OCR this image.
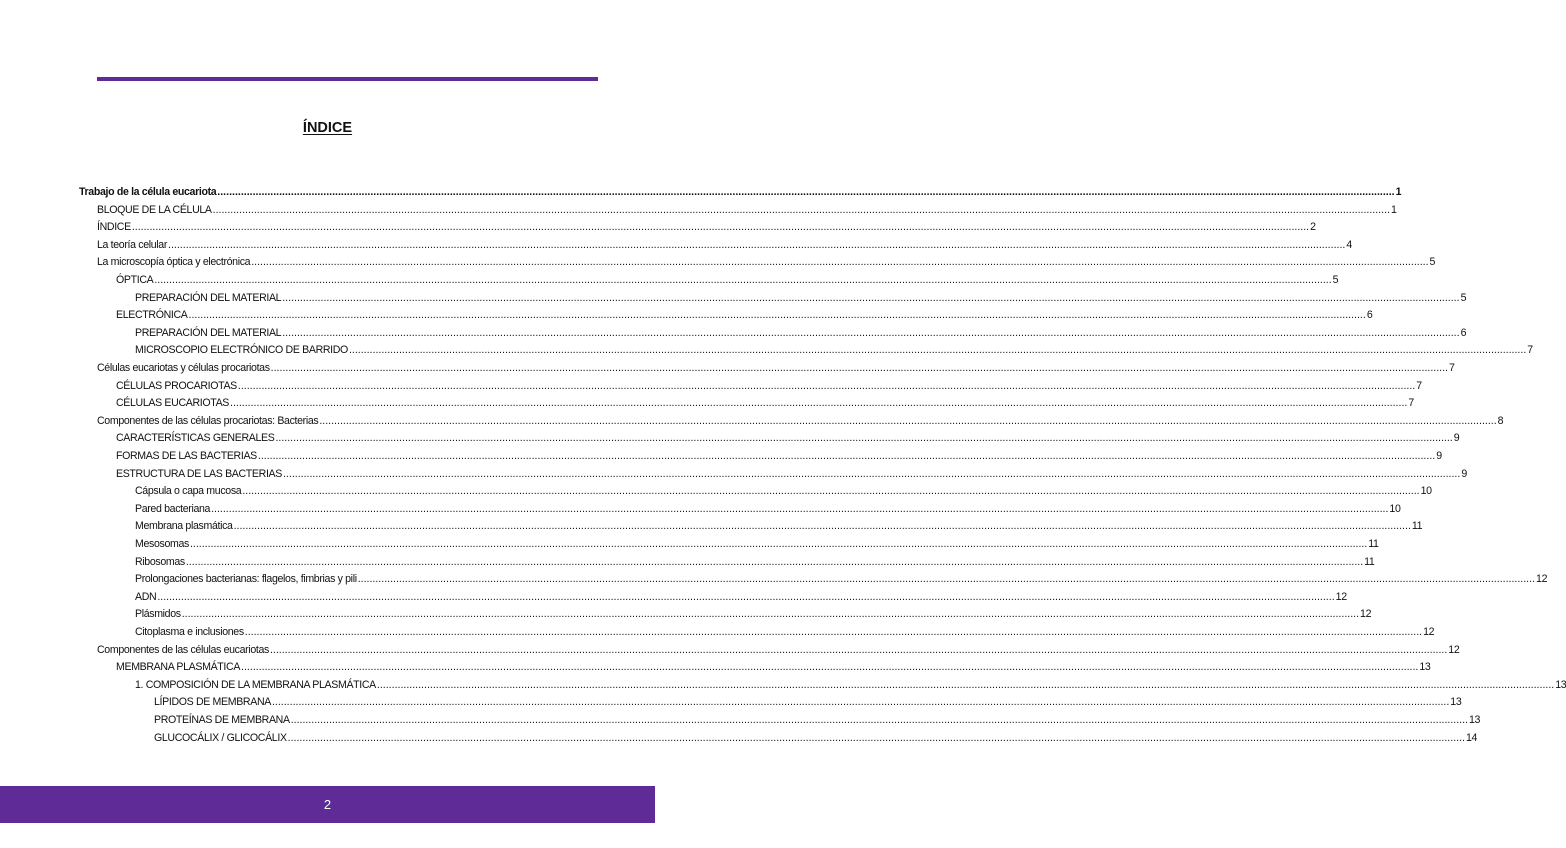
ÍNDICE
Trabajo de la célula eucariota ................................................................................................................................................................................................................................................................................................................................................................................................................ 1
BLOQUE DE LA CÉLULA ................................................................................................................................................................................................................................................................................................................................................................................................................ 1
ÍNDICE ................................................................................................................................................................................................................................................................................................................................................................................................................ 2
La teoría celular ................................................................................................................................................................................................................................................................................................................................................................................................................ 4
La microscopía óptica y electrónica ................................................................................................................................................................................................................................................................................................................................................................................................................ 5
ÓPTICA ................................................................................................................................................................................................................................................................................................................................................................................................................ 5
PREPARACIÓN DEL MATERIAL ................................................................................................................................................................................................................................................................................................................................................................................................................ 5
ELECTRÓNICA ................................................................................................................................................................................................................................................................................................................................................................................................................ 6
PREPARACIÓN DEL MATERIAL ................................................................................................................................................................................................................................................................................................................................................................................................................ 6
MICROSCOPIO ELECTRÓNICO DE BARRIDO ................................................................................................................................................................................................................................................................................................................................................................................................................ 7
Células eucariotas y células procariotas ................................................................................................................................................................................................................................................................................................................................................................................................................ 7
CÉLULAS PROCARIOTAS ................................................................................................................................................................................................................................................................................................................................................................................................................ 7
CÉLULAS EUCARIOTAS ................................................................................................................................................................................................................................................................................................................................................................................................................ 7
Componentes de las células procariotas: Bacterias ................................................................................................................................................................................................................................................................................................................................................................................................................ 8
CARACTERÍSTICAS GENERALES ................................................................................................................................................................................................................................................................................................................................................................................................................ 9
FORMAS DE LAS BACTERIAS ................................................................................................................................................................................................................................................................................................................................................................................................................ 9
ESTRUCTURA DE LAS BACTERIAS ................................................................................................................................................................................................................................................................................................................................................................................................................ 9
Cápsula o capa mucosa ................................................................................................................................................................................................................................................................................................................................................................................................................ 10
Pared bacteriana ................................................................................................................................................................................................................................................................................................................................................................................................................ 10
Membrana plasmática ................................................................................................................................................................................................................................................................................................................................................................................................................ 11
Mesosomas ................................................................................................................................................................................................................................................................................................................................................................................................................ 11
Ribosomas ................................................................................................................................................................................................................................................................................................................................................................................................................ 11
Prolongaciones bacterianas: flagelos, fimbrias y pili ................................................................................................................................................................................................................................................................................................................................................................................................................ 12
ADN ................................................................................................................................................................................................................................................................................................................................................................................................................ 12
Plásmidos ................................................................................................................................................................................................................................................................................................................................................................................................................ 12
Citoplasma e inclusiones ................................................................................................................................................................................................................................................................................................................................................................................................................ 12
Componentes de las células eucariotas ................................................................................................................................................................................................................................................................................................................................................................................................................ 12
MEMBRANA PLASMÁTICA ................................................................................................................................................................................................................................................................................................................................................................................................................ 13
1. COMPOSICIÓN DE LA MEMBRANA PLASMÁTICA ................................................................................................................................................................................................................................................................................................................................................................................................................ 13
LÍPIDOS DE MEMBRANA ................................................................................................................................................................................................................................................................................................................................................................................................................ 13
PROTEÍNAS DE MEMBRANA ................................................................................................................................................................................................................................................................................................................................................................................................................ 13
GLUCOCÁLIX / GLICOCÁLIX ................................................................................................................................................................................................................................................................................................................................................................................................................ 14
2
